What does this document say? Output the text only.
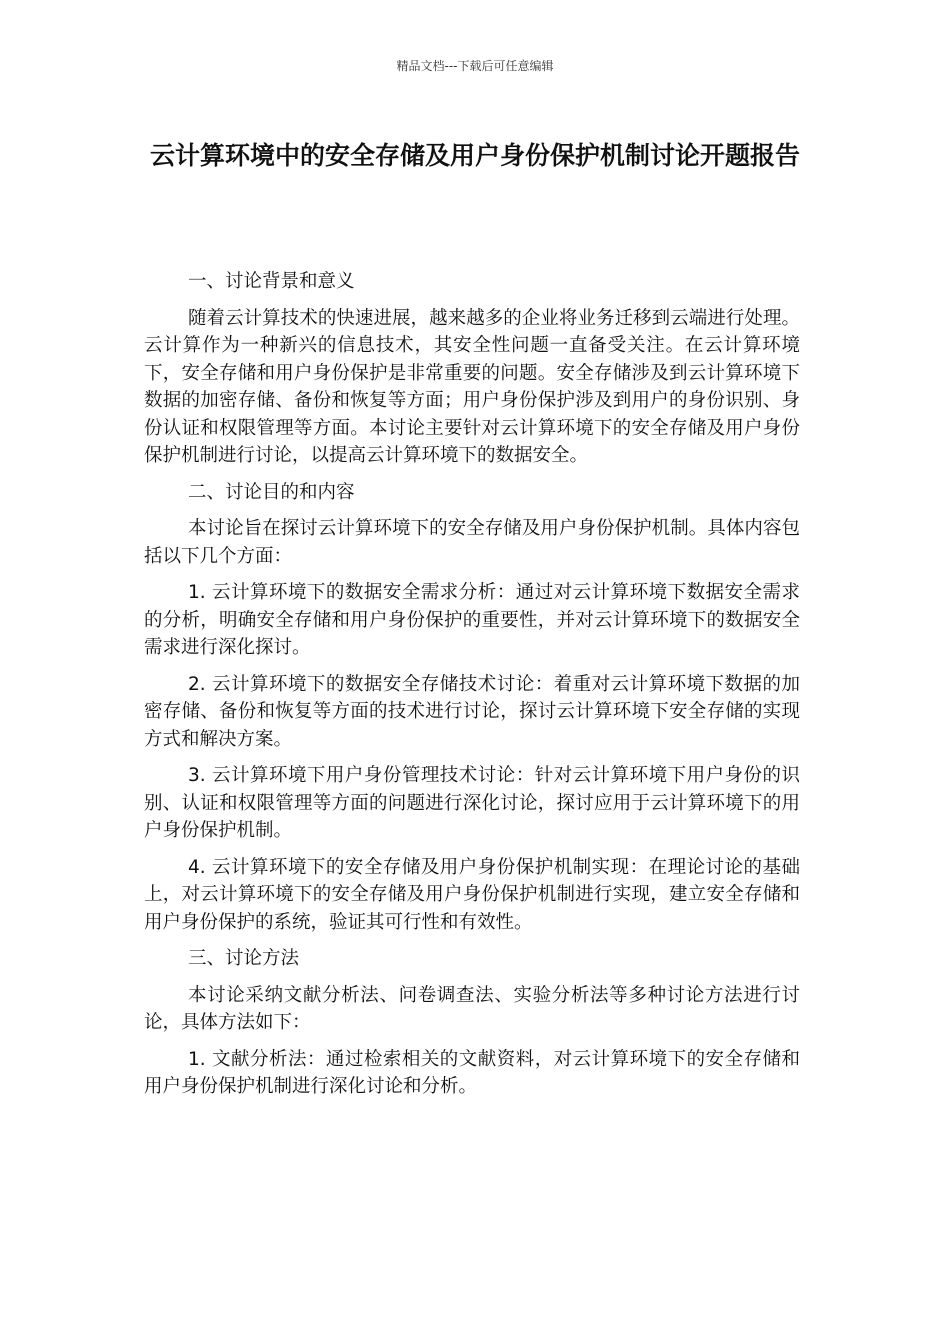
精品文档---下载后可任意编辑
云计算环境中的安全存储及用户身份保护机制讨论开题报告
一、讨论背景和意义

随着云计算技术的快速进展，越来越多的企业将业务迁移到云端进行处理。云计算作为一种新兴的信息技术，其安全性问题一直备受关注。在云计算环境下，安全存储和用户身份保护是非常重要的问题。安全存储涉及到云计算环境下数据的加密存储、备份和恢复等方面；用户身份保护涉及到用户的身份识别、身份认证和权限管理等方面。本讨论主要针对云计算环境下的安全存储及用户身份保护机制进行讨论，以提高云计算环境下的数据安全。

二、讨论目的和内容

本讨论旨在探讨云计算环境下的安全存储及用户身份保护机制。具体内容包括以下几个方面：

1. 云计算环境下的数据安全需求分析：通过对云计算环境下数据安全需求的分析，明确安全存储和用户身份保护的重要性，并对云计算环境下的数据安全需求进行深化探讨。

2. 云计算环境下的数据安全存储技术讨论：着重对云计算环境下数据的加密存储、备份和恢复等方面的技术进行讨论，探讨云计算环境下安全存储的实现方式和解决方案。

3. 云计算环境下用户身份管理技术讨论：针对云计算环境下用户身份的识别、认证和权限管理等方面的问题进行深化讨论，探讨应用于云计算环境下的用户身份保护机制。

4. 云计算环境下的安全存储及用户身份保护机制实现：在理论讨论的基础上，对云计算环境下的安全存储及用户身份保护机制进行实现，建立安全存储和用户身份保护的系统，验证其可行性和有效性。

三、讨论方法

本讨论采纳文献分析法、问卷调查法、实验分析法等多种讨论方法进行讨论，具体方法如下：

1. 文献分析法：通过检索相关的文献资料，对云计算环境下的安全存储和用户身份保护机制进行深化讨论和分析。
